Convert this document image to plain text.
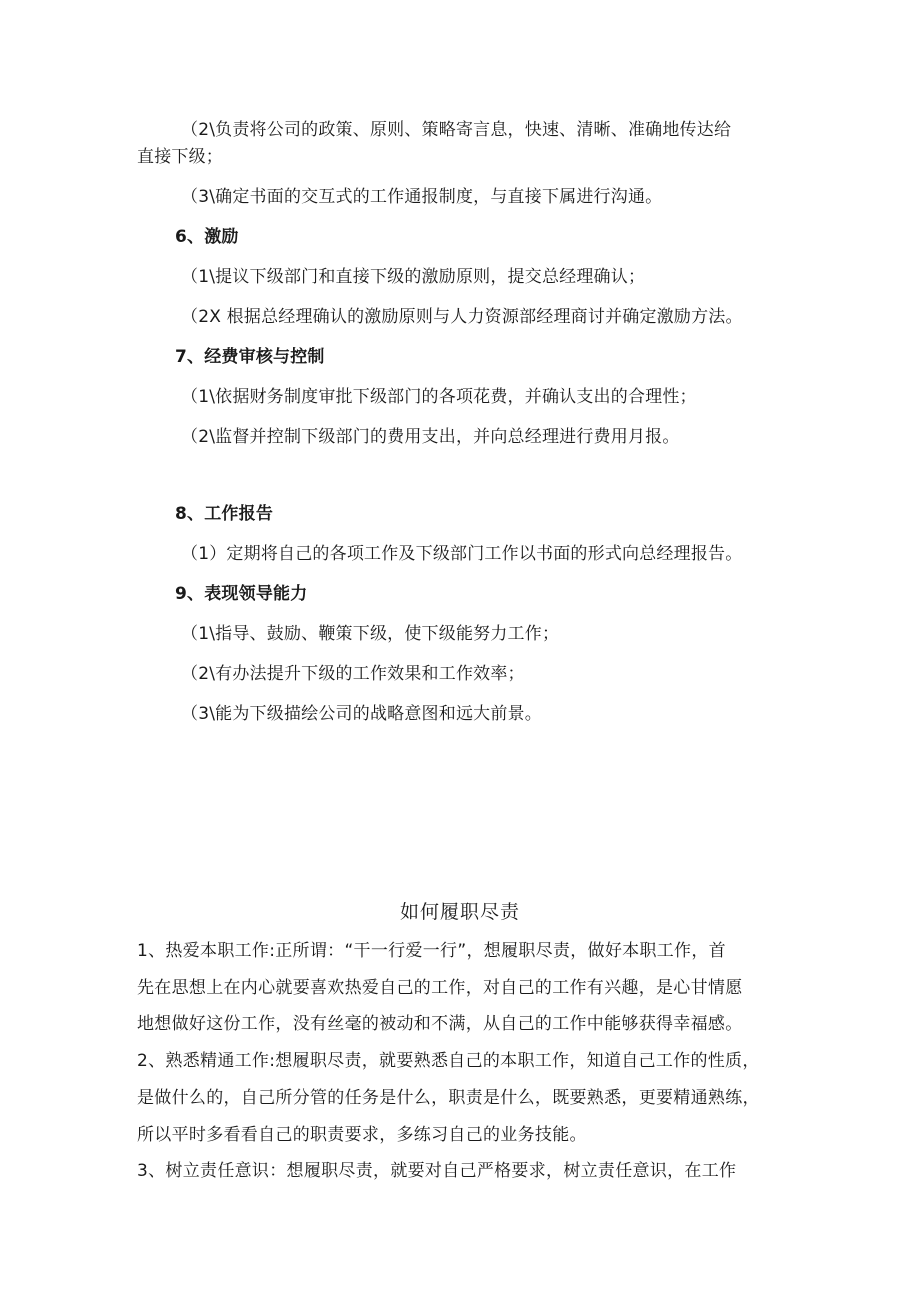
（2\负责将公司的政策、原则、策略寄言息，快速、清晰、准确地传达给
直接下级；
（3\确定书面的交互式的工作通报制度，与直接下属进行沟通。
6、激励
（1\提议下级部门和直接下级的激励原则，提交总经理确认；
（2X 根据总经理确认的激励原则与人力资源部经理商讨并确定激励方法。
7、经费审核与控制
（1\依据财务制度审批下级部门的各项花费，并确认支出的合理性；
（2\监督并控制下级部门的费用支出，并向总经理进行费用月报。
8、工作报告
（1）定期将自己的各项工作及下级部门工作以书面的形式向总经理报告。
9、表现领导能力
（1\指导、鼓励、鞭策下级，使下级能努力工作；
（2\有办法提升下级的工作效果和工作效率；
（3\能为下级描绘公司的战略意图和远大前景。
如何履职尽责
1、热爱本职工作:正所谓：“干一行爱一行”，想履职尽责，做好本职工作，首
先在思想上在内心就要喜欢热爱自己的工作，对自己的工作有兴趣，是心甘情愿
地想做好这份工作，没有丝毫的被动和不满，从自己的工作中能够获得幸福感。
2、熟悉精通工作:想履职尽责，就要熟悉自己的本职工作，知道自己工作的性质，
是做什么的，自己所分管的任务是什么，职责是什么，既要熟悉，更要精通熟练，
所以平时多看看自己的职责要求，多练习自己的业务技能。
3、树立责任意识：想履职尽责，就要对自己严格要求，树立责任意识，在工作
